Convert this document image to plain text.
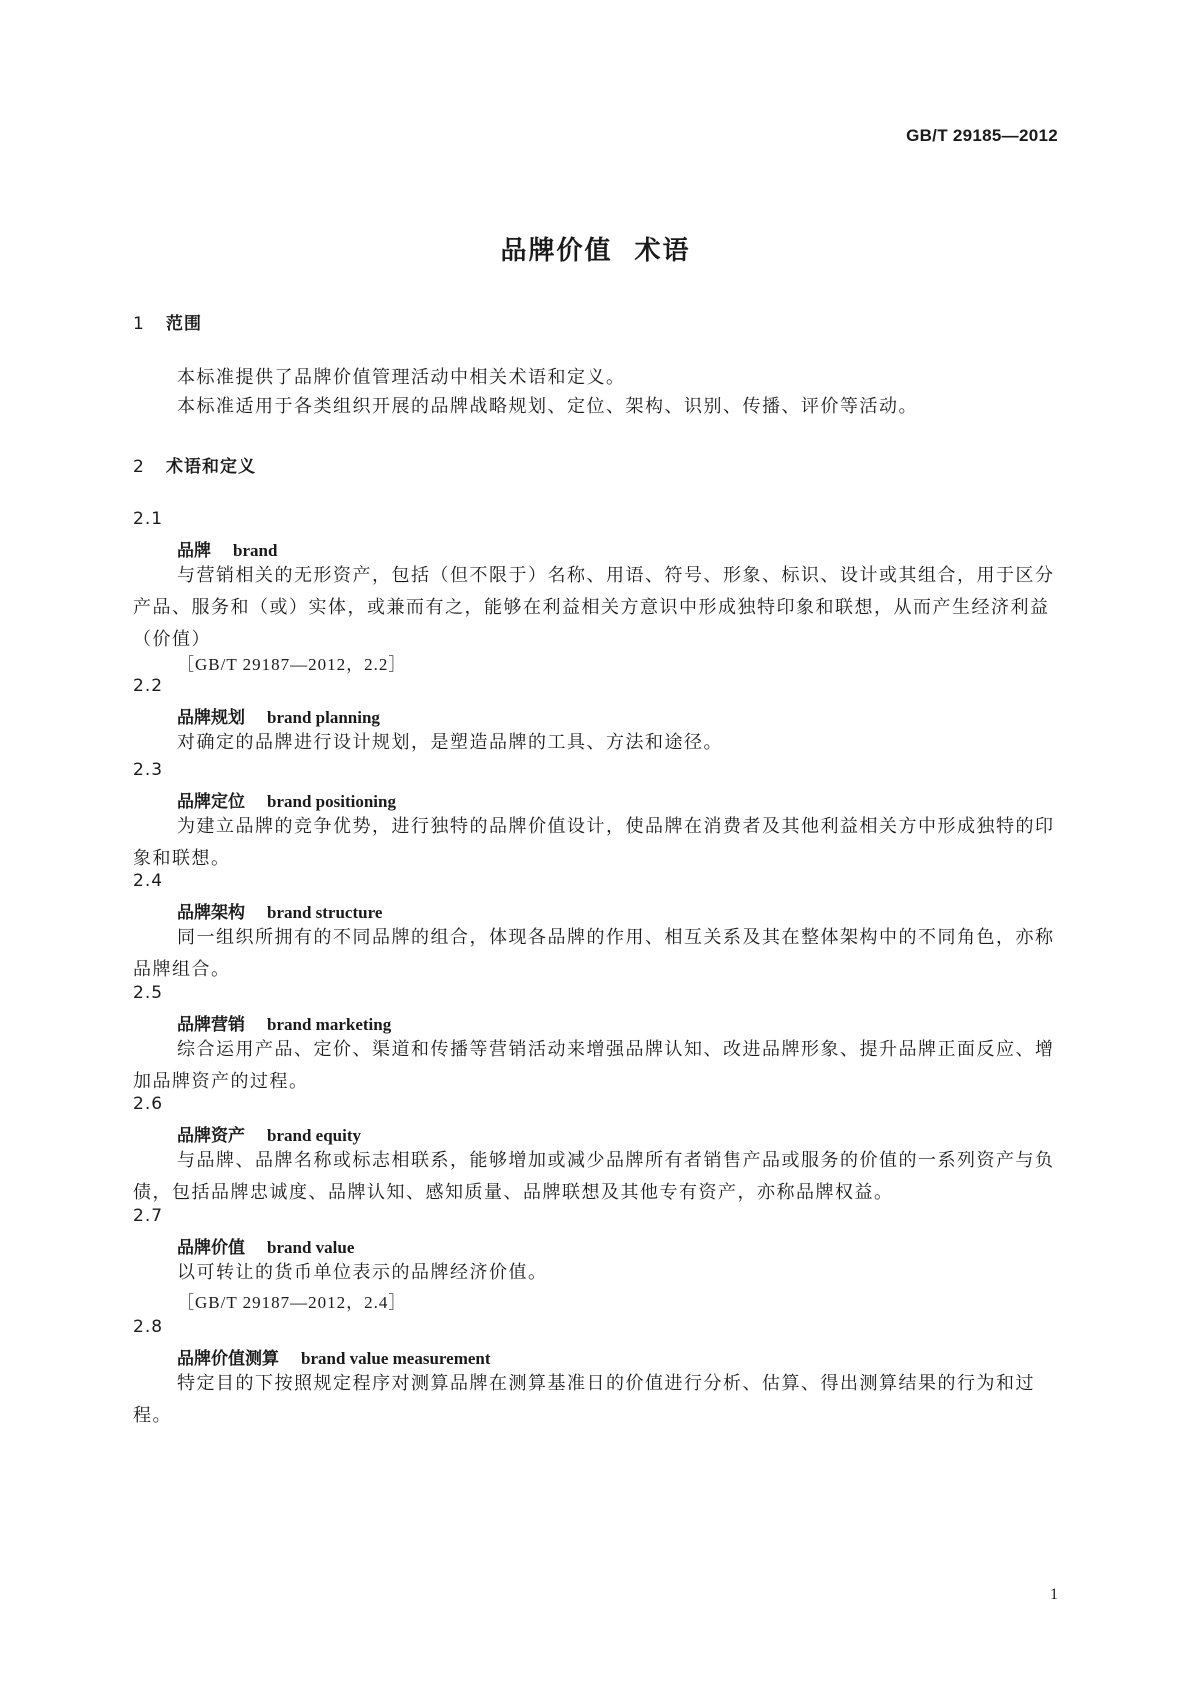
GB/T 29185—2012
品牌价值  术语
1 范围
本标准提供了品牌价值管理活动中相关术语和定义。
本标准适用于各类组织开展的品牌战略规划、定位、架构、识别、传播、评价等活动。
2 术语和定义
2.1
品牌 brand
与营销相关的无形资产，包括（但不限于）名称、用语、符号、形象、标识、设计或其组合，用于区分产品、服务和（或）实体，或兼而有之，能够在利益相关方意识中形成独特印象和联想，从而产生经济利益（价值）
［GB/T 29187—2012，2.2］
2.2
品牌规划 brand planning
对确定的品牌进行设计规划，是塑造品牌的工具、方法和途径。
2.3
品牌定位 brand positioning
为建立品牌的竞争优势，进行独特的品牌价值设计，使品牌在消费者及其他利益相关方中形成独特的印象和联想。
2.4
品牌架构 brand structure
同一组织所拥有的不同品牌的组合，体现各品牌的作用、相互关系及其在整体架构中的不同角色，亦称品牌组合。
2.5
品牌营销 brand marketing
综合运用产品、定价、渠道和传播等营销活动来增强品牌认知、改进品牌形象、提升品牌正面反应、增加品牌资产的过程。
2.6
品牌资产 brand equity
与品牌、品牌名称或标志相联系，能够增加或减少品牌所有者销售产品或服务的价值的一系列资产与负债，包括品牌忠诚度、品牌认知、感知质量、品牌联想及其他专有资产，亦称品牌权益。
2.7
品牌价值 brand value
以可转让的货币单位表示的品牌经济价值。
［GB/T 29187—2012，2.4］
2.8
品牌价值测算 brand value measurement
特定目的下按照规定程序对测算品牌在测算基准日的价值进行分析、估算、得出测算结果的行为和过程。
1
